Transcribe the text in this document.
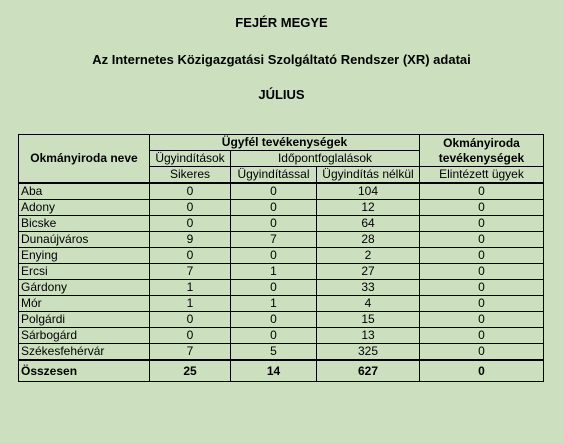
FEJÉR MEGYE
Az Internetes Közigazgatási Szolgáltató Rendszer (XR) adatai
JÚLIUS
Okmányiroda neve	Ügyfél tevékenységek			Okmányiroda tevékenységek
	Ügyindítások	Időpontfoglalások		
	Sikeres	Ügyindítással	Ügyindítás nélkül	Elintézett ügyek
Aba	0	0	104	0
Adony	0	0	12	0
Bicske	0	0	64	0
Dunaújváros	9	7	28	0
Enying	0	0	2	0
Ercsi	7	1	27	0
Gárdony	1	0	33	0
Mór	1	1	4	0
Polgárdi	0	0	15	0
Sárbogárd	0	0	13	0
Székesfehérvár	7	5	325	0
Összesen	25	14	627	0
